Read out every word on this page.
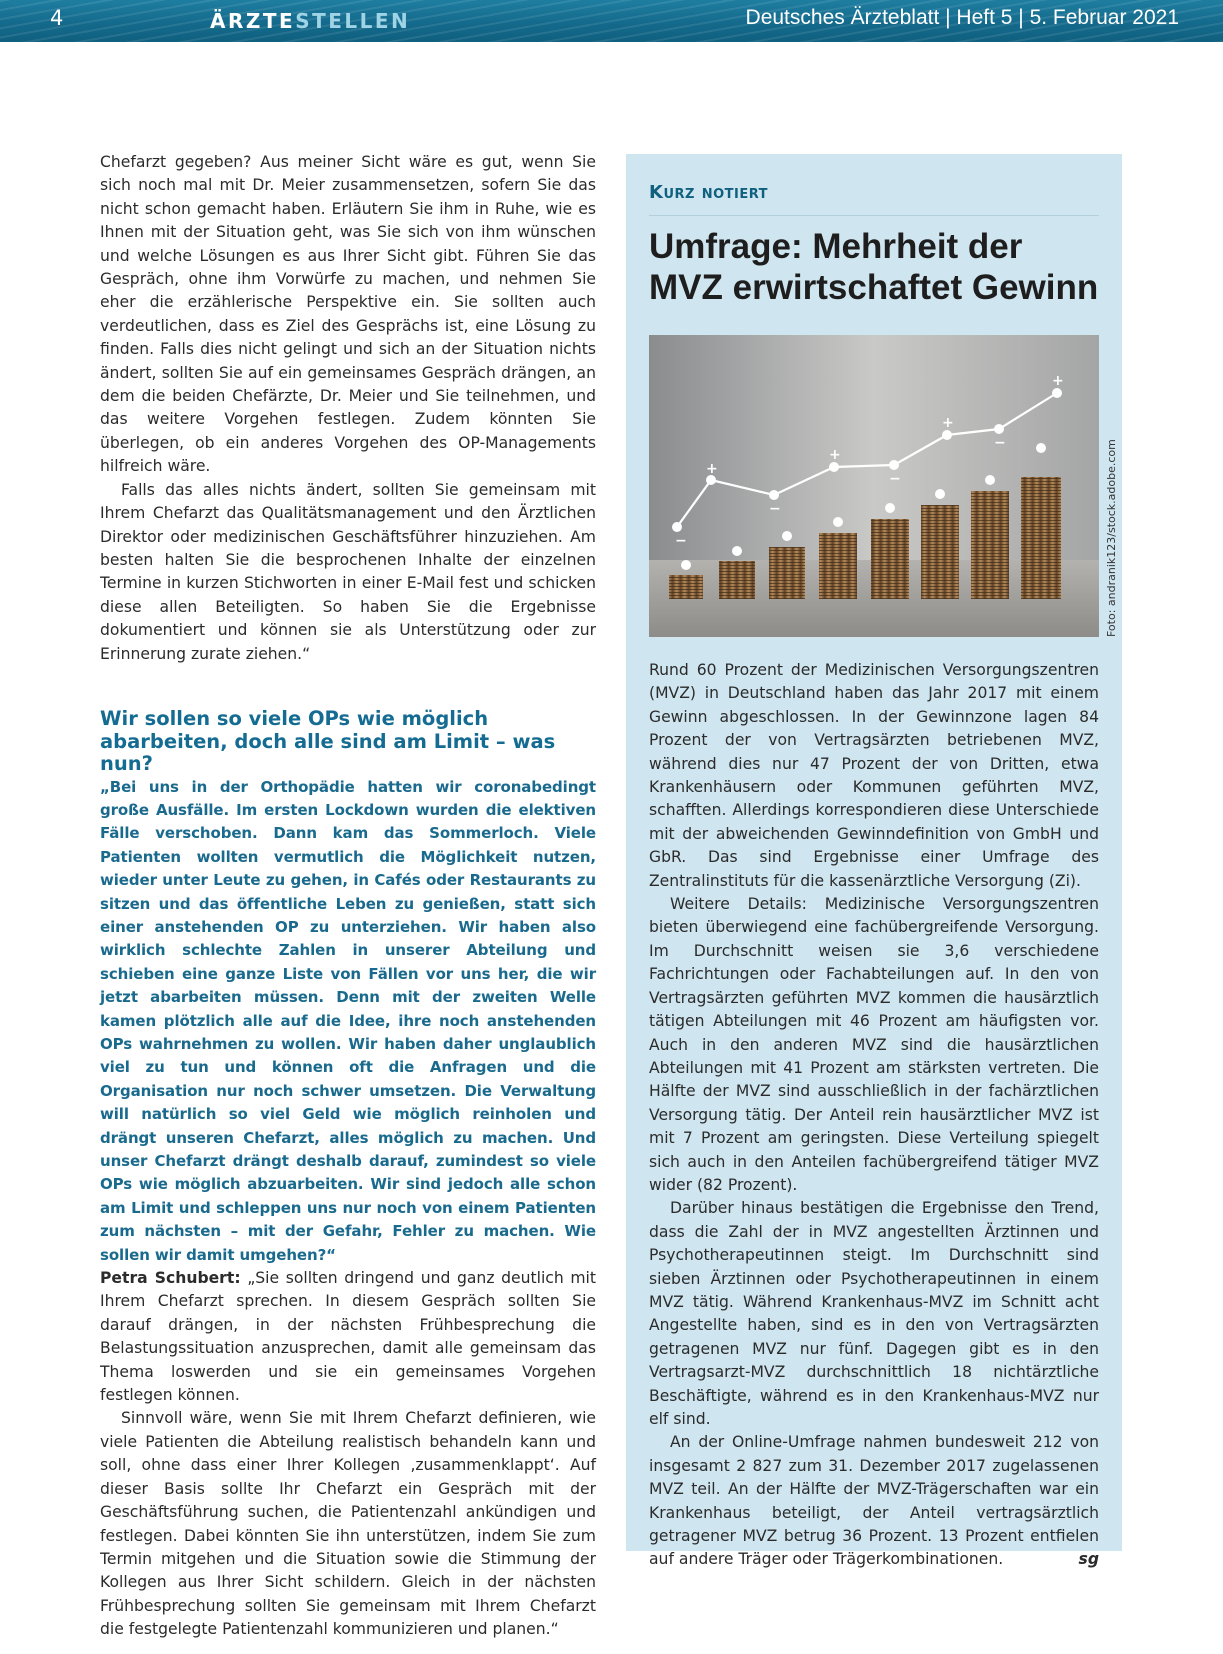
4	ÄRZTESTELLEN	Deutsches Ärzteblatt | Heft 5 | 5. Februar 2021

Chefarzt gegeben? Aus meiner Sicht wäre es gut, wenn Sie sich noch mal mit Dr. Meier zusammensetzen, sofern Sie das nicht schon gemacht haben. Erläutern Sie ihm in Ruhe, wie es Ihnen mit der Situation geht, was Sie sich von ihm wünschen und welche Lösungen es aus Ihrer Sicht gibt. Führen Sie das Gespräch, ohne ihm Vorwürfe zu machen, und nehmen Sie eher die erzählerische Perspektive ein. Sie sollten auch verdeutlichen, dass es Ziel des Gesprächs ist, eine Lösung zu finden. Falls dies nicht gelingt und sich an der Situation nichts ändert, sollten Sie auf ein gemeinsames Gespräch drängen, an dem die beiden Chefärzte, Dr. Meier und Sie teilnehmen, und das weitere Vorgehen festlegen. Zudem könnten Sie überlegen, ob ein anderes Vorgehen des OP-Managements hilfreich wäre.

Falls das alles nichts ändert, sollten Sie gemeinsam mit Ihrem Chefarzt das Qualitätsmanagement und den Ärztlichen Direktor oder medizinischen Geschäftsführer hinzuziehen. Am besten halten Sie die besprochenen Inhalte der einzelnen Termine in kurzen Stichworten in einer E-Mail fest und schicken diese allen Beteiligten. So haben Sie die Ergebnisse dokumentiert und können sie als Unterstützung oder zur Erinnerung zurate ziehen.“

Wir sollen so viele OPs wie möglich abarbeiten, doch alle sind am Limit – was nun?

„Bei uns in der Orthopädie hatten wir coronabedingt große Ausfälle. Im ersten Lockdown wurden die elektiven Fälle verschoben. Dann kam das Sommerloch. Viele Patienten wollten vermutlich die Möglichkeit nutzen, wieder unter Leute zu gehen, in Cafés oder Restaurants zu sitzen und das öffentliche Leben zu genießen, statt sich einer anstehenden OP zu unterziehen. Wir haben also wirklich schlechte Zahlen in unserer Abteilung und schieben eine ganze Liste von Fällen vor uns her, die wir jetzt abarbeiten müssen. Denn mit der zweiten Welle kamen plötzlich alle auf die Idee, ihre noch anstehenden OPs wahrnehmen zu wollen. Wir haben daher unglaublich viel zu tun und können oft die Anfragen und die Organisation nur noch schwer umsetzen. Die Verwaltung will natürlich so viel Geld wie möglich reinholen und drängt unseren Chefarzt, alles möglich zu machen. Und unser Chefarzt drängt deshalb darauf, zumindest so viele OPs wie möglich abzuarbeiten. Wir sind jedoch alle schon am Limit und schleppen uns nur noch von einem Patienten zum nächsten – mit der Gefahr, Fehler zu machen. Wie sollen wir damit umgehen?“

Petra Schubert: „Sie sollten dringend und ganz deutlich mit Ihrem Chefarzt sprechen. In diesem Gespräch sollten Sie darauf drängen, in der nächsten Frühbesprechung die Belastungssituation anzusprechen, damit alle gemeinsam das Thema loswerden und sie ein gemeinsames Vorgehen festlegen können.

Sinnvoll wäre, wenn Sie mit Ihrem Chefarzt definieren, wie viele Patienten die Abteilung realistisch behandeln kann und soll, ohne dass einer Ihrer Kollegen ‚zusammenklappt‘. Auf dieser Basis sollte Ihr Chefarzt ein Gespräch mit der Geschäftsführung suchen, die Patientenzahl ankündigen und festlegen. Dabei könnten Sie ihn unterstützen, indem Sie zum Termin mitgehen und die Situation sowie die Stimmung der Kollegen aus Ihrer Sicht schildern. Gleich in der nächsten Frühbesprechung sollten Sie gemeinsam mit Ihrem Chefarzt die festgelegte Patientenzahl kommunizieren und planen.“

Kurz notiert
Umfrage: Mehrheit der MVZ erwirtschaftet Gewinn
−
+
−
+
−
+
−
+
Foto: andranik123/stock.adobe.com

Rund 60 Prozent der Medizinischen Versorgungszentren (MVZ) in Deutschland haben das Jahr 2017 mit einem Gewinn abgeschlossen. In der Gewinnzone lagen 84 Prozent der von Vertragsärzten betriebenen MVZ, während dies nur 47 Prozent der von Dritten, etwa Krankenhäusern oder Kommunen geführten MVZ, schafften. Allerdings korrespondieren diese Unterschiede mit der abweichenden Gewinndefinition von GmbH und GbR. Das sind Ergebnisse einer Umfrage des Zentralinstituts für die kassenärztliche Versorgung (Zi).

Weitere Details: Medizinische Versorgungszentren bieten überwiegend eine fachübergreifende Versorgung. Im Durchschnitt weisen sie 3,6 verschiedene Fachrichtungen oder Fachabteilungen auf. In den von Vertragsärzten geführten MVZ kommen die hausärztlich tätigen Abteilungen mit 46 Prozent am häufigsten vor. Auch in den anderen MVZ sind die hausärztlichen Abteilungen mit 41 Prozent am stärksten vertreten. Die Hälfte der MVZ sind ausschließlich in der fachärztlichen Versorgung tätig. Der Anteil rein hausärztlicher MVZ ist mit 7 Prozent am geringsten. Diese Verteilung spiegelt sich auch in den Anteilen fachübergreifend tätiger MVZ wider (82 Prozent).

Darüber hinaus bestätigen die Ergebnisse den Trend, dass die Zahl der in MVZ angestellten Ärztinnen und Psychotherapeutinnen steigt. Im Durchschnitt sind sieben Ärztinnen oder Psychotherapeutinnen in einem MVZ tätig. Während Krankenhaus-MVZ im Schnitt acht Angestellte haben, sind es in den von Vertragsärzten getragenen MVZ nur fünf. Dagegen gibt es in den Vertragsarzt-MVZ durchschnittlich 18 nichtärztliche Beschäftigte, während es in den Krankenhaus-MVZ nur elf sind.

An der Online-Umfrage nahmen bundesweit 212 von insgesamt 2 827 zum 31. Dezember 2017 zugelassenen MVZ teil. An der Hälfte der MVZ-Trägerschaften war ein Krankenhaus beteiligt, der Anteil vertragsärztlich getragener MVZ betrug 36 Prozent. 13 Prozent entfielen auf andere Träger oder Trägerkombinationen.	sg
